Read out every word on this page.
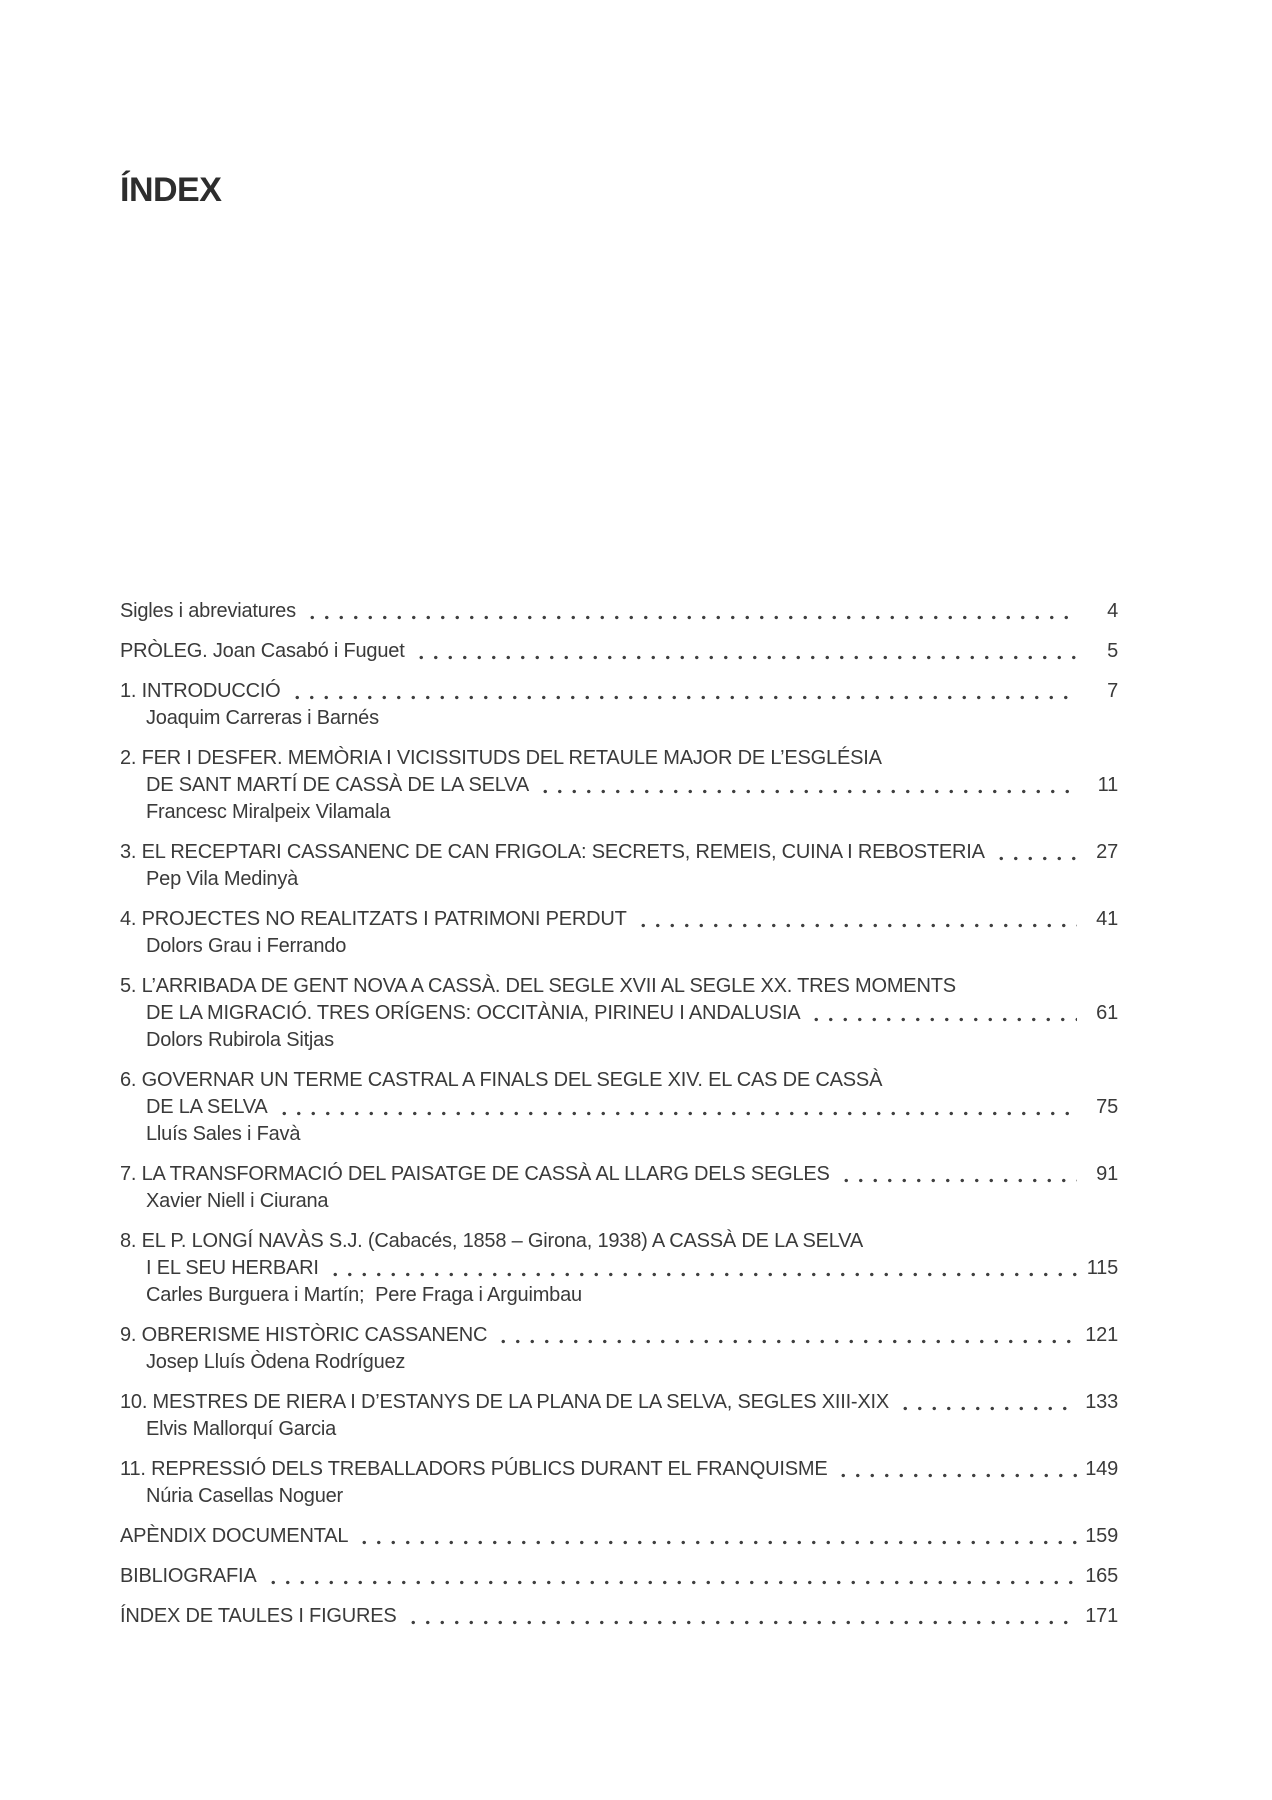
ÍNDEX
Sigles i abreviatures	4
PRÒLEG. Joan Casabó i Fuguet	5
1. INTRODUCCIÓ	7
Joaquim Carreras i Barnés
2. FER I DESFER. MEMÒRIA I VICISSITUDS DEL RETAULE MAJOR DE L’ESGLÉSIA
DE SANT MARTÍ DE CASSÀ DE LA SELVA	11
Francesc Miralpeix Vilamala
3. EL RECEPTARI CASSANENC DE CAN FRIGOLA: SECRETS, REMEIS, CUINA I REBOSTERIA	27
Pep Vila Medinyà
4. PROJECTES NO REALITZATS I PATRIMONI PERDUT	41
Dolors Grau i Ferrando
5. L’ARRIBADA DE GENT NOVA A CASSÀ. DEL SEGLE XVII AL SEGLE XX. TRES MOMENTS
DE LA MIGRACIÓ. TRES ORÍGENS: OCCITÀNIA, PIRINEU I ANDALUSIA	61
Dolors Rubirola Sitjas
6. GOVERNAR UN TERME CASTRAL A FINALS DEL SEGLE XIV. EL CAS DE CASSÀ
DE LA SELVA	75
Lluís Sales i Favà
7. LA TRANSFORMACIÓ DEL PAISATGE DE CASSÀ AL LLARG DELS SEGLES	91
Xavier Niell i Ciurana
8. EL P. LONGÍ NAVÀS S.J. (Cabacés, 1858 – Girona, 1938) A CASSÀ DE LA SELVA
I EL SEU HERBARI	115
Carles Burguera i Martín;  Pere Fraga i Arguimbau
9. OBRERISME HISTÒRIC CASSANENC	121
Josep Lluís Òdena Rodríguez
10. MESTRES DE RIERA I D’ESTANYS DE LA PLANA DE LA SELVA, SEGLES XIII-XIX	133
Elvis Mallorquí Garcia
11. REPRESSIÓ DELS TREBALLADORS PÚBLICS DURANT EL FRANQUISME	149
Núria Casellas Noguer
APÈNDIX DOCUMENTAL	159
BIBLIOGRAFIA	165
ÍNDEX DE TAULES I FIGURES	171
